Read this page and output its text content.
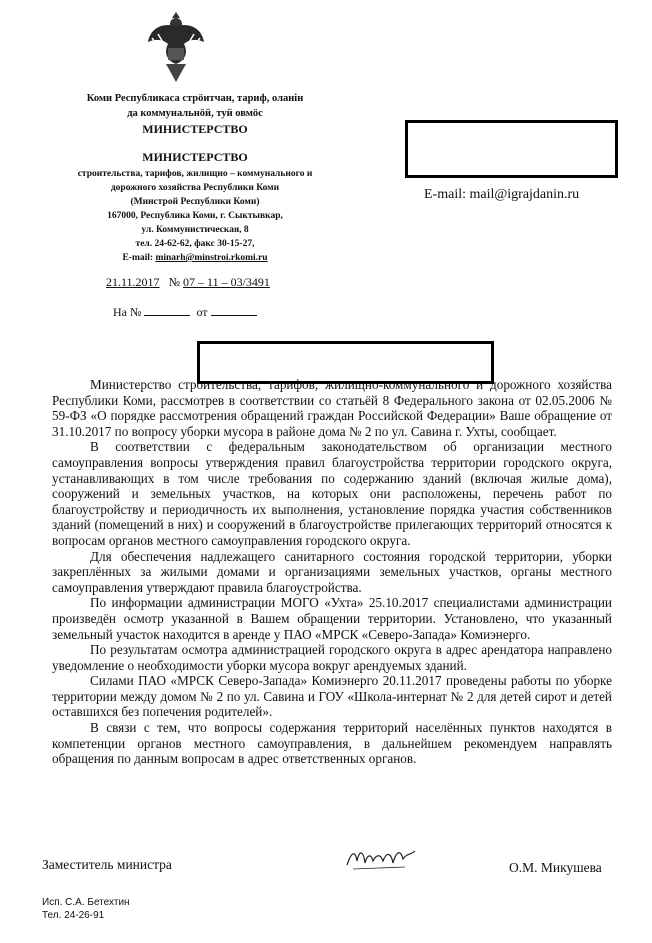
Коми Республикаса стрöитчан, тариф, оланiн
да коммунальнöй, туй овмöс
МИНИСТЕРСТВО
МИНИСТЕРСТВО
строительства, тарифов, жилищно – коммунального и
дорожного хозяйства Республики Коми
(Минстрой Республики Коми)
167000, Республика Коми, г. Сыктывкар,
ул. Коммунистическая, 8
тел. 24-62-62, факс 30-15-27,
E-mail: minarh@minstroi.rkomi.ru
21.11.2017 № 07 – 11 – 03/3491
На №	от
E-mail: mail@igrajdanin.ru

Министерство строительства, тарифов, жилищно-коммунального и дорожного хозяйства Республики Коми, рассмотрев в соответствии со статьёй 8 Федерального закона от 02.05.2006 № 59-ФЗ «О порядке рассмотрения обращений граждан Российской Федерации» Ваше обращение от 31.10.2017 по вопросу уборки мусора в районе дома № 2 по ул. Савина г. Ухты, сообщает.

В соответствии с федеральным законодательством об организации местного самоуправления вопросы утверждения правил благоустройства территории городского округа, устанавливающих в том числе требования по содержанию зданий (включая жилые дома), сооружений и земельных участков, на которых они расположены, перечень работ по благоустройству и периодичность их выполнения, установление порядка участия собственников зданий (помещений в них) и сооружений в благоустройстве прилегающих территорий относятся к вопросам органов местного самоуправления городского округа.

Для обеспечения надлежащего санитарного состояния городской территории, уборки закреплённых за жилыми домами и организациями земельных участков, органы местного самоуправления утверждают правила благоустройства.

По информации администрации МОГО «Ухта» 25.10.2017 специалистами администрации произведён осмотр указанной в Вашем обращении территории. Установлено, что указанный земельный участок находится в аренде у ПАО «МРСК «Северо-Запада» Комиэнерго.

По результатам осмотра администрацией городского округа в адрес арендатора направлено уведомление о необходимости уборки мусора вокруг арендуемых зданий.

Силами ПАО «МРСК Северо-Запада» Комиэнерго 20.11.2017 проведены работы по уборке территории между домом № 2 по ул. Савина и ГОУ «Школа-интернат № 2 для детей сирот и детей оставшихся без попечения родителей».

В связи с тем, что вопросы содержания территорий населённых пунктов находятся в компетенции органов местного самоуправления, в дальнейшем рекомендуем направлять обращения по данным вопросам в адрес ответственных органов.

Заместитель министра	О.М. Микушева
Исп. С.А. Бетехтин
Тел. 24-26-91
